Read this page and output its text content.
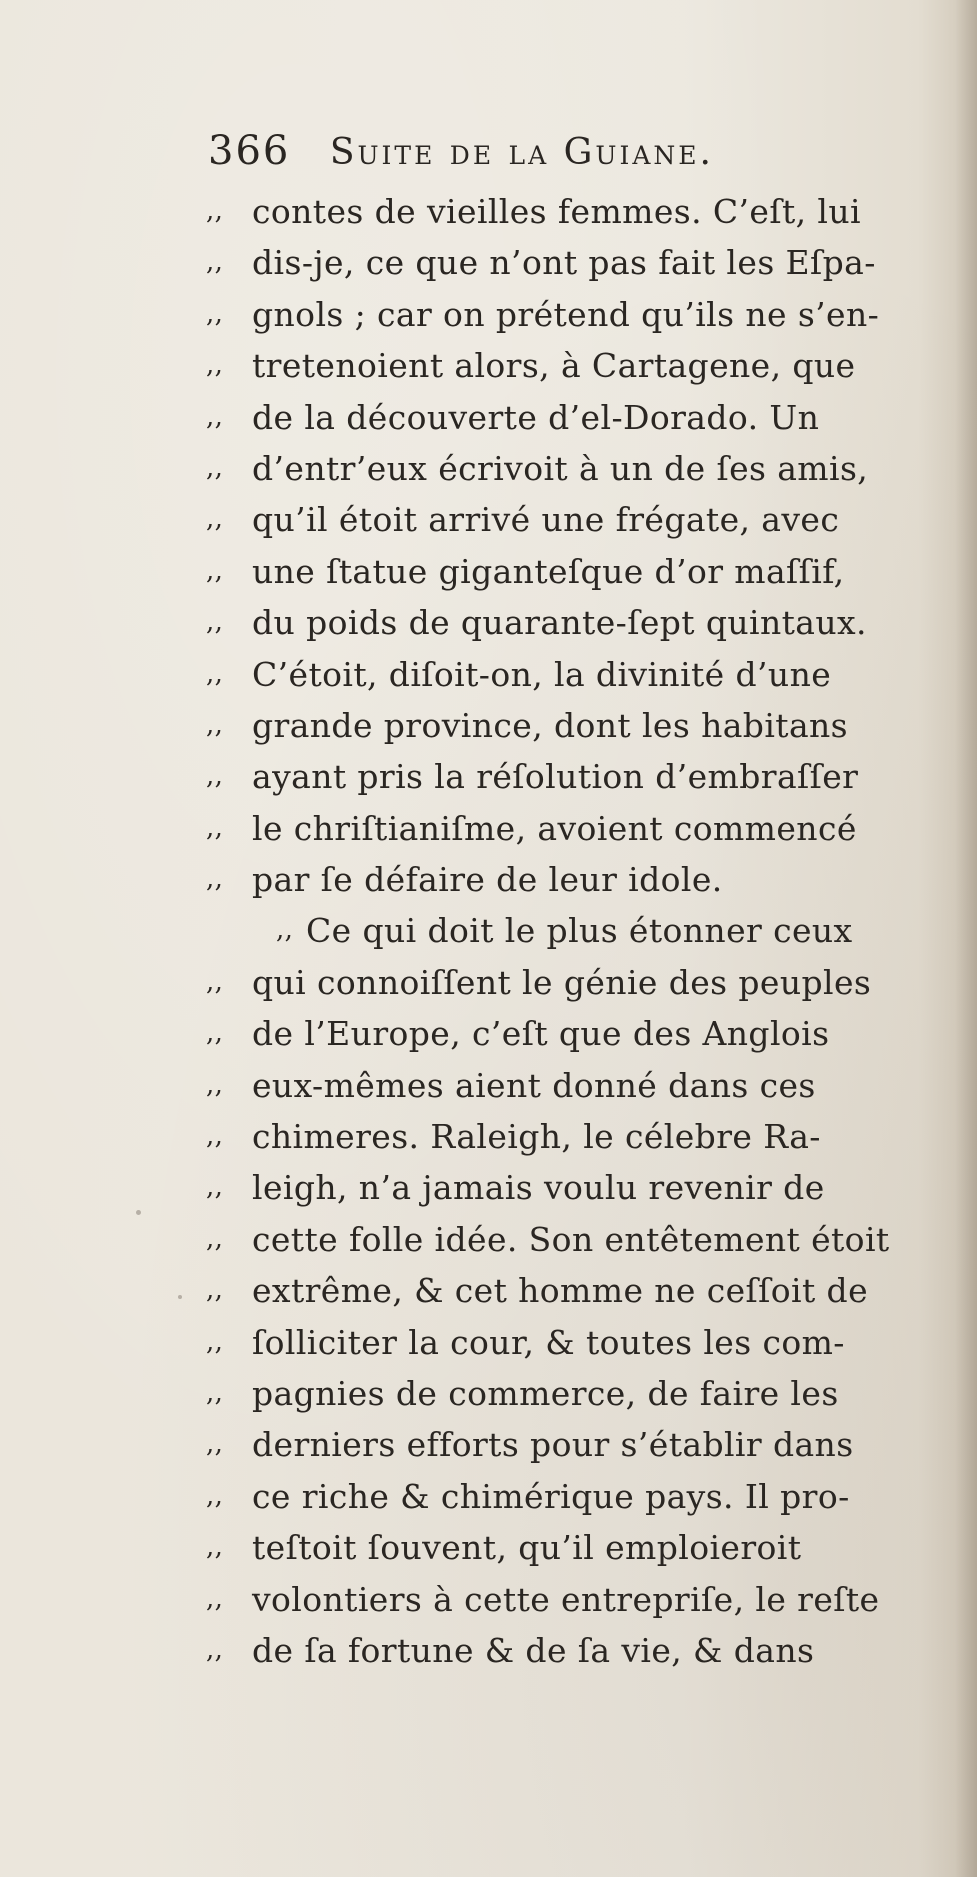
366 Suite de la Guiane.
,, contes de vieilles femmes. C’eſt, lui
,, dis-je, ce que n’ont pas fait les Eſpa-
,, gnols ; car on prétend qu’ils ne s’en-
,, tretenoient alors, à Cartagene, que
,, de la découverte d’el-Dorado. Un
,, d’entr’eux écrivoit à un de ſes amis,
,, qu’il étoit arrivé une frégate, avec
,, une ſtatue giganteſque d’or maſſif,
,, du poids de quarante-ſept quintaux.
,, C’étoit, diſoit-on, la divinité d’une
,, grande province, dont les habitans
,, ayant pris la réſolution d’embraſſer
,, le chriſtianiſme, avoient commencé
,, par ſe défaire de leur idole.
,, Ce qui doit le plus étonner ceux
,, qui connoiſſent le génie des peuples
,, de l’Europe, c’eſt que des Anglois
,, eux-mêmes aient donné dans ces
,, chimeres. Raleigh, le célebre Ra-
,, leigh, n’a jamais voulu revenir de
,, cette folle idée. Son entêtement étoit
,, extrême, & cet homme ne ceſſoit de
,, ſolliciter la cour, & toutes les com-
,, pagnies de commerce, de faire les
,, derniers efforts pour s’établir dans
,, ce riche & chimérique pays. Il pro-
,, teſtoit ſouvent, qu’il emploieroit
,, volontiers à cette entrepriſe, le reſte
,, de ſa fortune & de ſa vie, & dans
